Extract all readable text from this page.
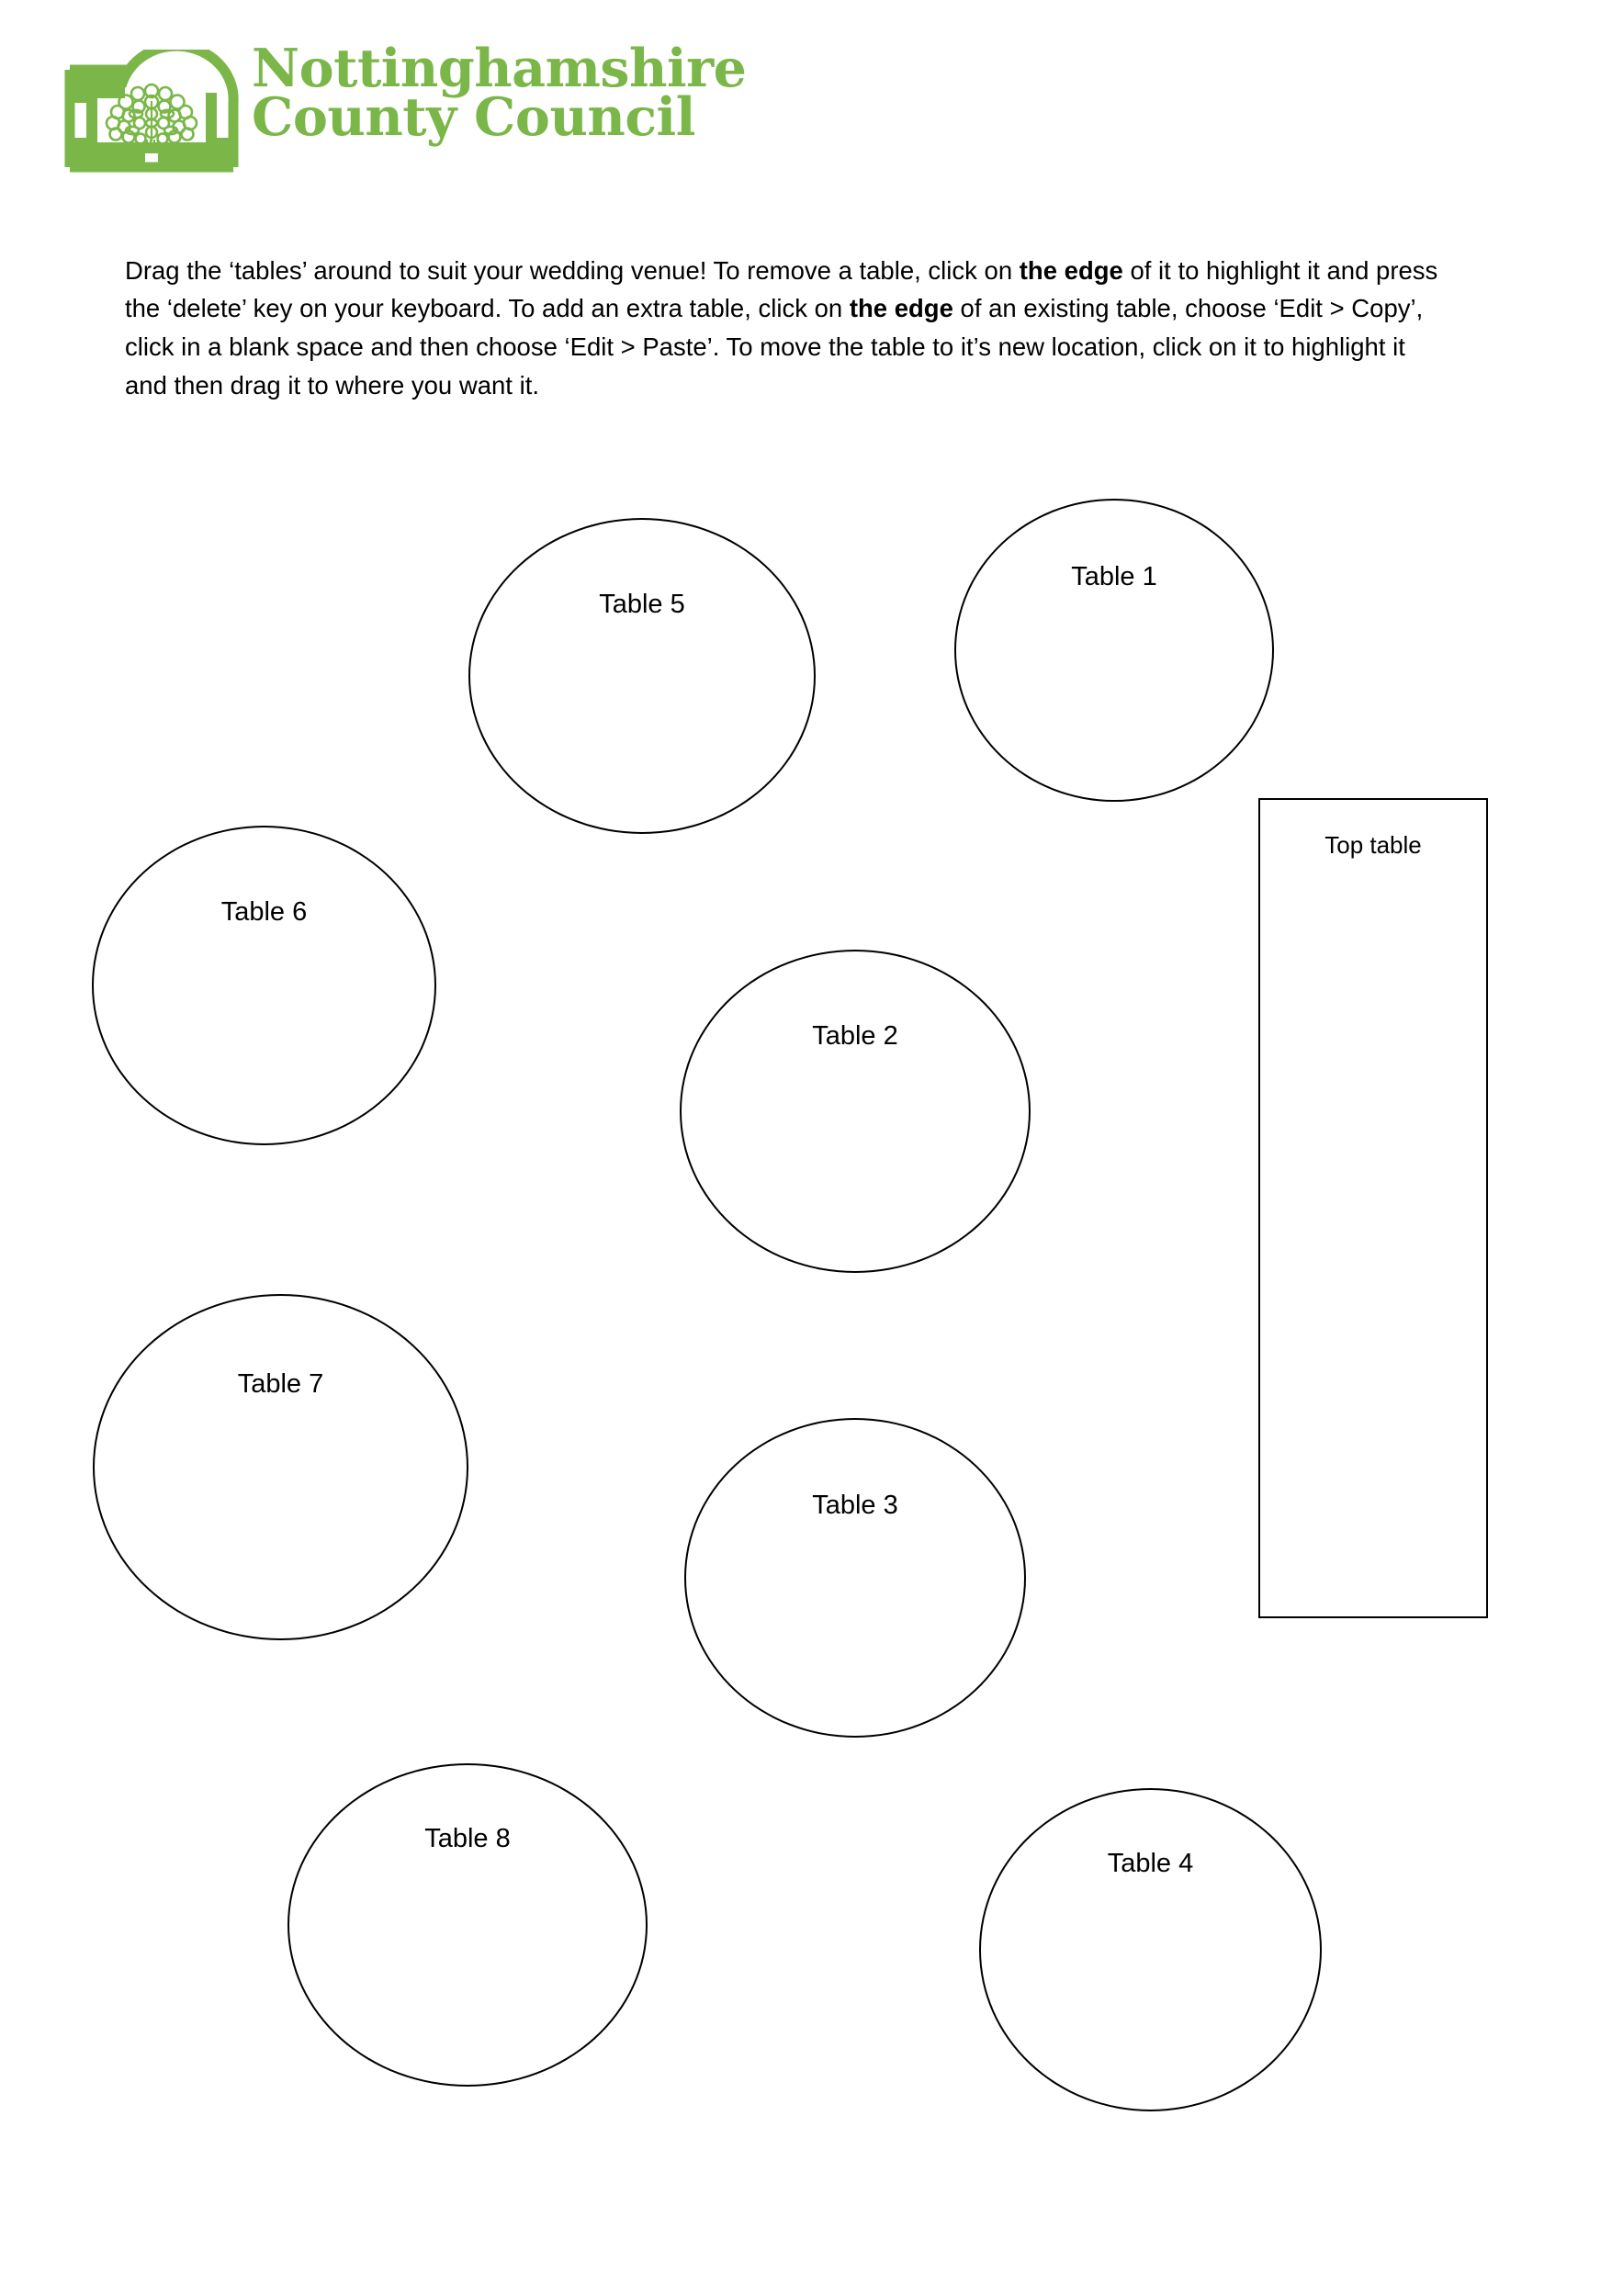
Nottinghamshire
County Council

Drag the ‘tables’ around to suit your wedding venue! To remove a table, click on the edge of it to highlight it and press the ‘delete’ key on your keyboard. To add an extra table, click on the edge of an existing table, choose ‘Edit > Copy’, click in a blank space and then choose ‘Edit > Paste’. To move the table to it’s new location, click on it to highlight it and then drag it to where you want it.

Table 5
Table 1
Top table
Table 6
Table 2
Table 7
Table 3
Table 8
Table 4
